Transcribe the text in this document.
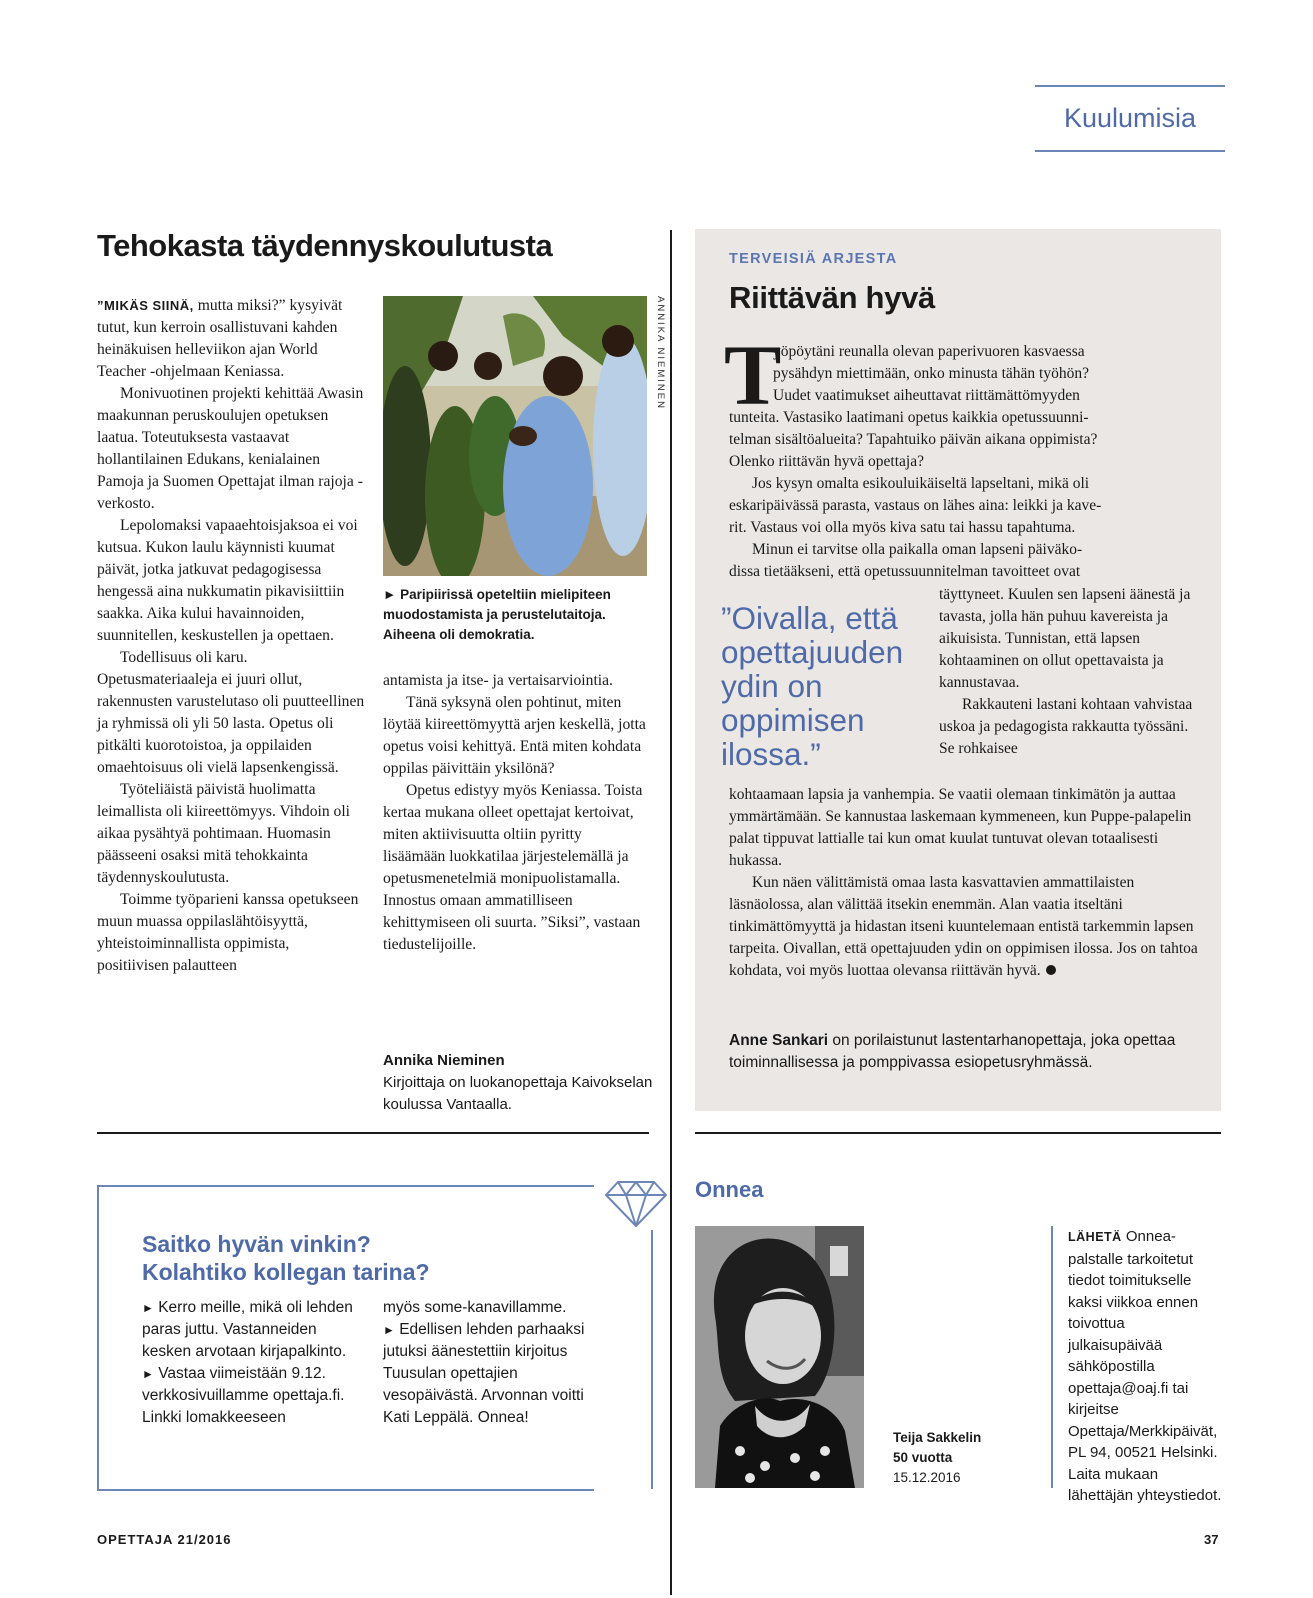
Kuulumisia
Tehokasta täydennyskoulutusta

”MIKÄS SIINÄ, mutta miksi?” kysyivät tutut, kun kerroin osallistuvani kahden heinäkuisen helleviikon ajan World Teacher -ohjelmaan Keniassa.

Monivuotinen projekti kehittää Awasin maakunnan peruskoulujen opetuksen laatua. Toteutuksesta vastaavat hollantilainen Edukans, kenialainen Pamoja ja Suomen Opettajat ilman rajoja -verkosto.

Lepolomaksi vapaaehtoisjaksoa ei voi kutsua. Kukon laulu käynnisti kuumat päivät, jotka jatkuvat pedagogisessa hengessä aina nukkumatin pikavisiittiin saakka. Aika kului havainnoiden, suunnitellen, keskustellen ja opettaen.

Todellisuus oli karu. Opetusmateriaaleja ei juuri ollut, rakennusten varustelutaso oli puutteellinen ja ryhmissä oli yli 50 lasta. Opetus oli pitkälti kuorotoistoa, ja oppilaiden omaehtoisuus oli vielä lapsenkengissä.

Työteliäistä päivistä huolimatta leimallista oli kiireettömyys. Vihdoin oli aikaa pysähtyä pohtimaan. Huomasin päässeeni osaksi mitä tehokkainta täydennyskoulutusta.

Toimme työparieni kanssa opetukseen muun muassa oppilaslähtöisyyttä, yhteistoiminnallista oppimista, positiivisen palautteen

ANNIKA NIEMINEN
► Paripiirissä opeteltiin mielipiteen muodostamista ja perustelutaitoja. Aiheena oli demokratia.

antamista ja itse- ja vertaisarviointia.

Tänä syksynä olen pohtinut, miten löytää kiireettömyyttä arjen keskellä, jotta opetus voisi kehittyä. Entä miten kohdata oppilas päivittäin yksilönä?

Opetus edistyy myös Keniassa. Toista kertaa mukana olleet opettajat kertoivat, miten aktiivisuutta oltiin pyritty lisäämään luokkatilaa järjestelemällä ja opetusmenetelmiä monipuolistamalla. Innostus omaan ammatilliseen kehittymiseen oli suurta. ”Siksi”, vastaan tiedustelijoille.

Annika Nieminen
Kirjoittaja on luokanopettaja Kaivokselan koulussa Vantaalla.
TERVEISIÄ ARJESTA
Riittävän hyvä
T
yöpöytäni reunalla olevan paperivuoren kasvaessa
pysähdyn miettimään, onko minusta tähän työhön?
Uudet vaatimukset aiheuttavat riittämättömyyden
tunteita. Vastasiko laatimani opetus kaikkia opetussuunni-
telman sisältöalueita? Tapahtuiko päivän aikana oppimista?
Olenko riittävän hyvä opettaja?
Jos kysyn omalta esikouluikäiseltä lapseltani, mikä oli
eskaripäivässä parasta, vastaus on lähes aina: leikki ja kave-
rit. Vastaus voi olla myös kiva satu tai hassu tapahtuma.
Minun ei tarvitse olla paikalla oman lapseni päiväko-
dissa tietääkseni, että opetussuunnitelman tavoitteet ovat
”Oivalla, että opettajuuden ydin on oppimisen ilossa.”

täyttyneet. Kuulen sen lapseni äänestä ja tavasta, jolla hän puhuu kavereista ja aikuisista. Tunnistan, että lapsen kohtaaminen on ollut opettavaista ja kannustavaa.

Rakkauteni lastani kohtaan vahvistaa uskoa ja pedagogista rakkautta työssäni. Se rohkaisee

kohtaamaan lapsia ja vanhempia. Se vaatii olemaan tinkimätön ja auttaa ymmärtämään. Se kannustaa laskemaan kymmeneen, kun Puppe-palapelin palat tippuvat lattialle tai kun omat kuulat tuntuvat olevan totaalisesti hukassa.

Kun näen välittämistä omaa lasta kasvattavien ammattilaisten läsnäolossa, alan välittää itsekin enemmän. Alan vaatia itseltäni tinkimättömyyttä ja hidastan itseni kuuntelemaan entistä tarkemmin lapsen tarpeita. Oivallan, että opettajuuden ydin on oppimisen ilossa. Jos on tahtoa kohdata, voi myös luottaa olevansa riittävän hyvä.

Anne Sankari on porilaistunut lastentarhanopettaja, joka opettaa toiminnallisessa ja pomppivassa esiopetusryhmässä.
Saitko hyvän vinkin?
Kolahtiko kollegan tarina?
► Kerro meille, mikä oli lehden paras juttu. Vastanneiden kesken arvotaan kirjapalkinto.
► Vastaa viimeistään 9.12. verkkosivuillamme opettaja.fi. Linkki lomakkeeseen
myös some-kanavillamme.
► Edellisen lehden parhaaksi jutuksi äänestettiin kirjoitus Tuusulan opettajien vesopäivästä. Arvonnan voitti Kati Leppälä. Onnea!
Onnea
Teija Sakkelin
50 vuotta
15.12.2016
LÄHETÄ Onnea-palstalle tarkoitetut tiedot toimitukselle kaksi viikkoa ennen toivottua julkaisupäivää sähköpostilla opettaja@oaj.fi tai kirjeitse Opettaja/Merkkipäivät, PL 94, 00521 Helsinki. Laita mukaan lähettäjän yhteystiedot.
OPETTAJA 21/2016	37
